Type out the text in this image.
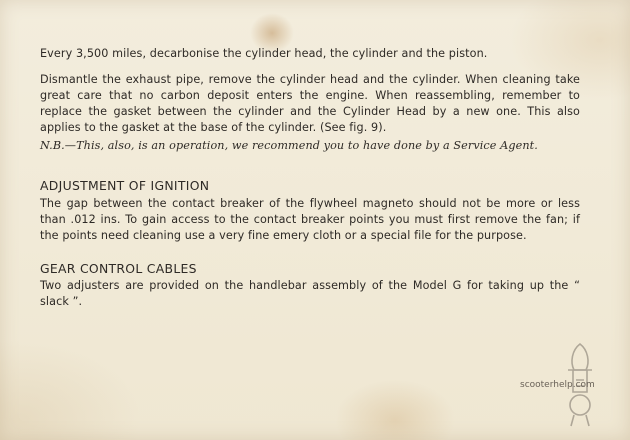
Every 3,500 miles, decarbonise the cylinder head, the cylinder and the piston.

Dismantle the exhaust pipe, remove the cylinder head and the cylinder. When cleaning take great care that no carbon deposit enters the engine. When reassembling, remember to replace the gasket between the cylinder and the Cylinder Head by a new one. This also applies to the gasket at the base of the cylinder. (See fig. 9).

N.B.—This, also, is an operation, we recommend you to have done by a Service Agent.

ADJUSTMENT OF IGNITION

The gap between the contact breaker of the flywheel magneto should not be more or less than .012 ins. To gain access to the contact breaker points you must first remove the fan; if the points need cleaning use a very fine emery cloth or a special file for the purpose.

GEAR CONTROL CABLES

Two adjusters are provided on the handlebar assembly of the Model G for taking up the “ slack ”.

scooterhelp.com
